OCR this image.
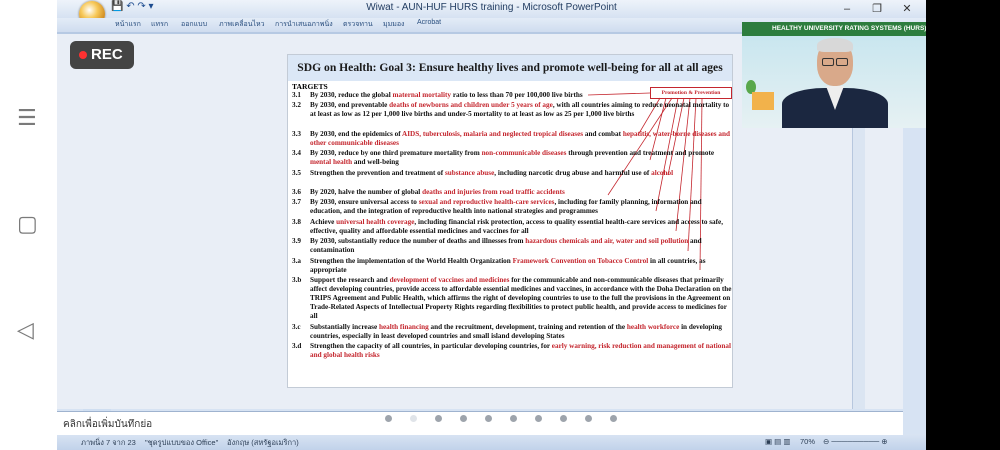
☰
▢
◁
Wiwat - AUN-HUF HURS training - Microsoft PowerPoint	–	❐	✕
💾 ↶ ↷ ▾
หน้าแรก แทรก ออกแบบ ภาพเคลื่อนไหว การนำเสนอภาพนิ่ง ตรวจทาน มุมมอง Acrobat
ภาพนิ่ง 7 จาก 23 "ชุดรูปแบบของ Office" อังกฤษ (สหรัฐอเมริกา)	70%
▣ ▤ ▥	⊖ ───────── ⊕
SDG on Health: Goal 3: Ensure healthy lives and promote well-being for all at all ages
TARGETS
Promotion & Prevention
3.1	By 2030, reduce the global maternal mortality ratio to less than 70 per 100,000 live births
3.2	By 2030, end preventable deaths of newborns and children under 5 years of age, with all countries aiming to reduce neonatal mortality to at least as low as 12 per 1,000 live births and under-5 mortality to at least as low as 25 per 1,000 live births
3.3	By 2030, end the epidemics of AIDS, tuberculosis, malaria and neglected tropical diseases and combat hepatitis, water-borne diseases and other communicable diseases
3.4	By 2030, reduce by one third premature mortality from non-communicable diseases through prevention and treatment and promote mental health and well-being
3.5	Strengthen the prevention and treatment of substance abuse, including narcotic drug abuse and harmful use of alcohol
3.6	By 2020, halve the number of global deaths and injuries from road traffic accidents
3.7	By 2030, ensure universal access to sexual and reproductive health-care services, including for family planning, information and education, and the integration of reproductive health into national strategies and programmes
3.8	Achieve universal health coverage, including financial risk protection, access to quality essential health-care services and access to safe, effective, quality and affordable essential medicines and vaccines for all
3.9	By 2030, substantially reduce the number of deaths and illnesses from hazardous chemicals and air, water and soil pollution and contamination
3.a	Strengthen the implementation of the World Health Organization Framework Convention on Tobacco Control in all countries, as appropriate
3.b	Support the research and development of vaccines and medicines for the communicable and non-communicable diseases that primarily affect developing countries, provide access to affordable essential medicines and vaccines, in accordance with the Doha Declaration on the TRIPS Agreement and Public Health, which affirms the right of developing countries to use to the full the provisions in the Agreement on Trade-Related Aspects of Intellectual Property Rights regarding flexibilities to protect public health, and provide access to medicines for all
3.c	Substantially increase health financing and the recruitment, development, training and retention of the health workforce in developing countries, especially in least developed countries and small island developing States
3.d	Strengthen the capacity of all countries, in particular developing countries, for early warning, risk reduction and management of national and global health risks
คลิกเพื่อเพิ่มบันทึกย่อ
REC
HEALTHY UNIVERSITY RATING SYSTEMS (HURS)
